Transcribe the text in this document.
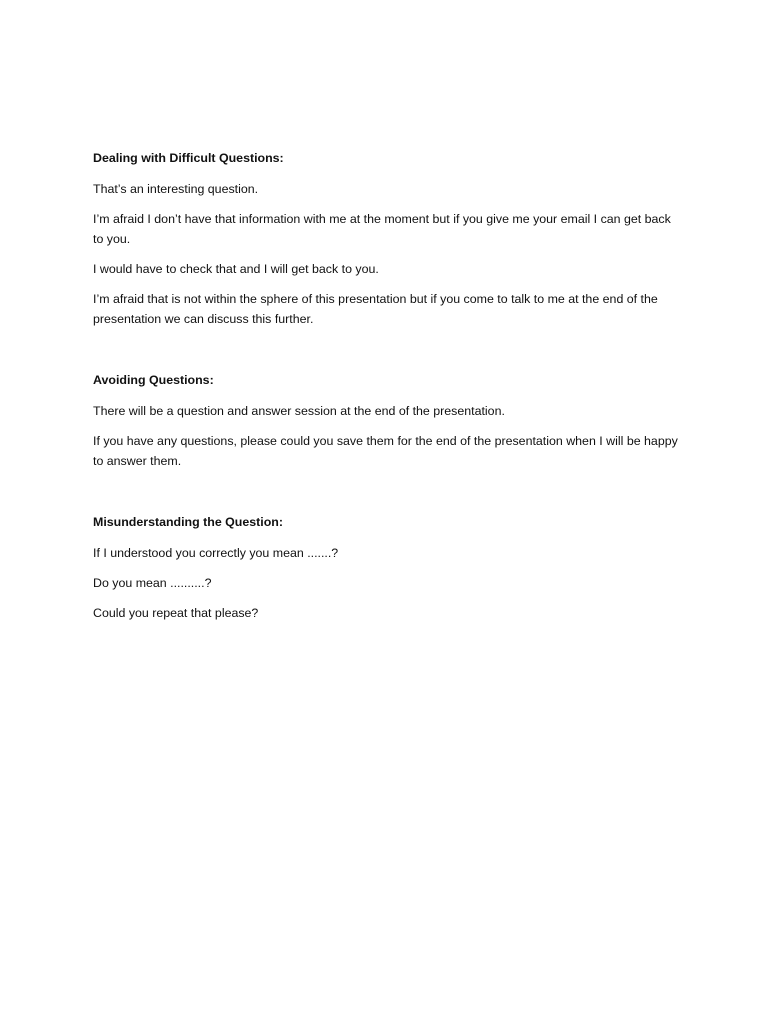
Dealing with Difficult Questions:

That’s an interesting question.

I’m afraid I don’t have that information with me at the moment but if you give me your email I can get back to you.

I would have to check that and I will get back to you.

I’m afraid that is not within the sphere of this presentation but if you come to talk to me at the end of the presentation we can discuss this further.

Avoiding Questions:

There will be a question and answer session at the end of the presentation.

If you have any questions, please could you save them for the end of the presentation when I will be happy to answer them.

Misunderstanding the Question:

If I understood you correctly you mean .......?

Do you mean ..........?

Could you repeat that please?
